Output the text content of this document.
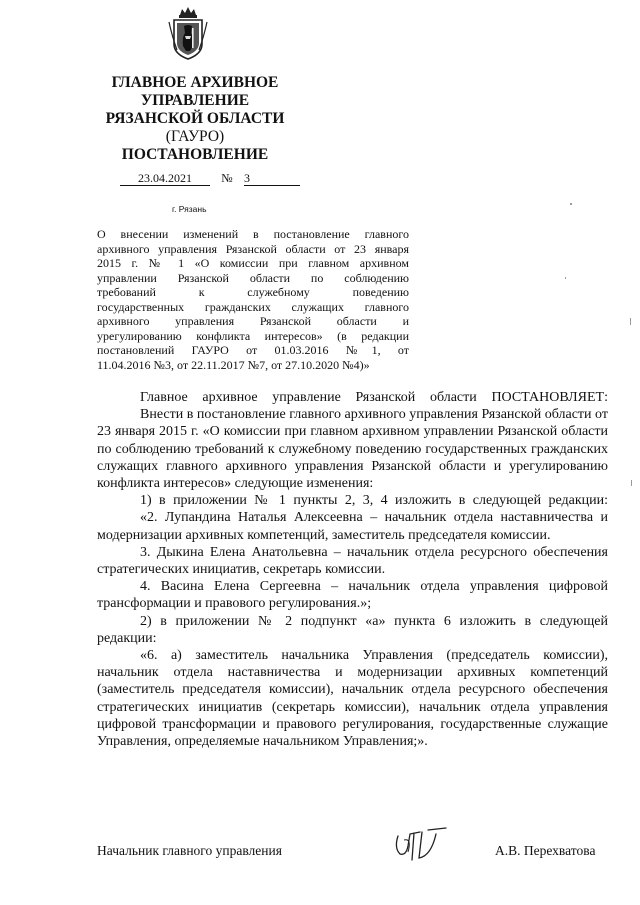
ГЛАВНОЕ АРХИВНОЕ
УПРАВЛЕНИЕ
РЯЗАНСКОЙ ОБЛАСТИ
(ГАУРО)
ПОСТАНОВЛЕНИЕ
23.04.2021 № 3
г. Рязань

О внесении изменений в постановление главного

архивного управления Рязанской области от 23 января

2015 г. № 1 «О комиссии при главном архивном

управлении Рязанской области по соблюдению

требований к служебному поведению

государственных гражданских служащих главного

архивного управления Рязанской области и

урегулированию конфликта интересов» (в редакции

постановлений ГАУРО от 01.03.2016 №1, от

11.04.2016 №3, от 22.11.2017 №7, от 27.10.2020 №4)»

Главное архивное управление Рязанской области ПОСТАНОВЛЯЕТ:

Внести в постановление главного архивного управления Рязанской области от 23 января 2015 г. «О комиссии при главном архивном управлении Рязанской области по соблюдению требований к служебному поведению государственных гражданских служащих главного архивного управления Рязанской области и урегулированию конфликта интересов» следующие изменения:

1) в приложении № 1 пункты 2, 3, 4 изложить в следующей редакции:

«2. Лупандина Наталья Алексеевна – начальник отдела наставничества и модернизации архивных компетенций, заместитель председателя комиссии.

3. Дыкина Елена Анатольевна – начальник отдела ресурсного обеспечения стратегических инициатив, секретарь комиссии.

4. Васина Елена Сергеевна – начальник отдела управления цифровой трансформации и правового регулирования.»;

2) в приложении № 2 подпункт «а» пункта 6 изложить в следующей редакции:

«6. а) заместитель начальника Управления (председатель комиссии), начальник отдела наставничества и модернизации архивных компетенций (заместитель председателя комиссии), начальник отдела ресурсного обеспечения стратегических инициатив (секретарь комиссии), начальник отдела управления цифровой трансформации и правового регулирования, государственные служащие Управления, определяемые начальником Управления;».

Начальник главного управления	А.В. Перехватова
